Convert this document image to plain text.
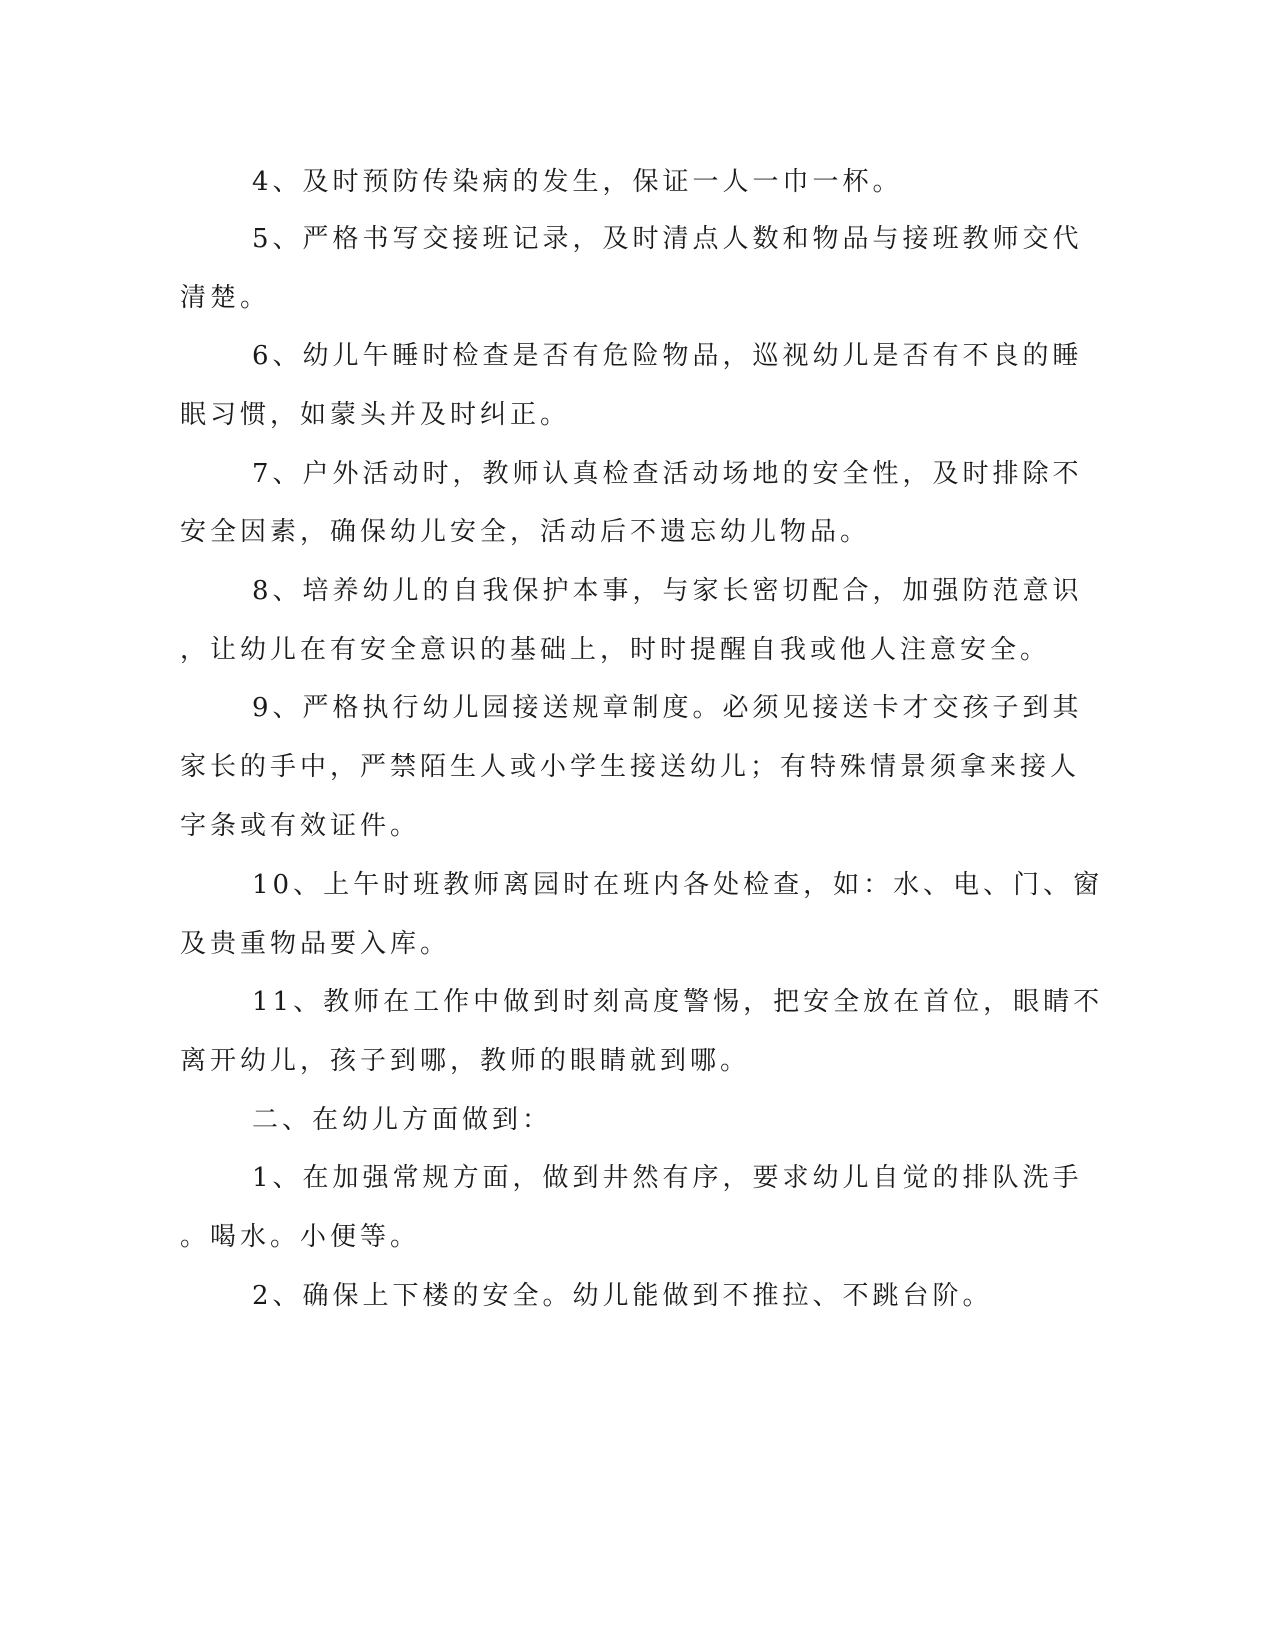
4、及时预防传染病的发生，保证一人一巾一杯。
5、严格书写交接班记录，及时清点人数和物品与接班教师交代
清楚。
6、幼儿午睡时检查是否有危险物品，巡视幼儿是否有不良的睡
眠习惯，如蒙头并及时纠正。
7、户外活动时，教师认真检查活动场地的安全性，及时排除不
安全因素，确保幼儿安全，活动后不遗忘幼儿物品。
8、培养幼儿的自我保护本事，与家长密切配合，加强防范意识
，让幼儿在有安全意识的基础上，时时提醒自我或他人注意安全。
9、严格执行幼儿园接送规章制度。必须见接送卡才交孩子到其
家长的手中，严禁陌生人或小学生接送幼儿；有特殊情景须拿来接人
字条或有效证件。
10、上午时班教师离园时在班内各处检查，如：水、电、门、窗
及贵重物品要入库。
11、教师在工作中做到时刻高度警惕，把安全放在首位，眼睛不
离开幼儿，孩子到哪，教师的眼睛就到哪。
二、在幼儿方面做到：
1、在加强常规方面，做到井然有序，要求幼儿自觉的排队洗手
。喝水。小便等。
2、确保上下楼的安全。幼儿能做到不推拉、不跳台阶。
